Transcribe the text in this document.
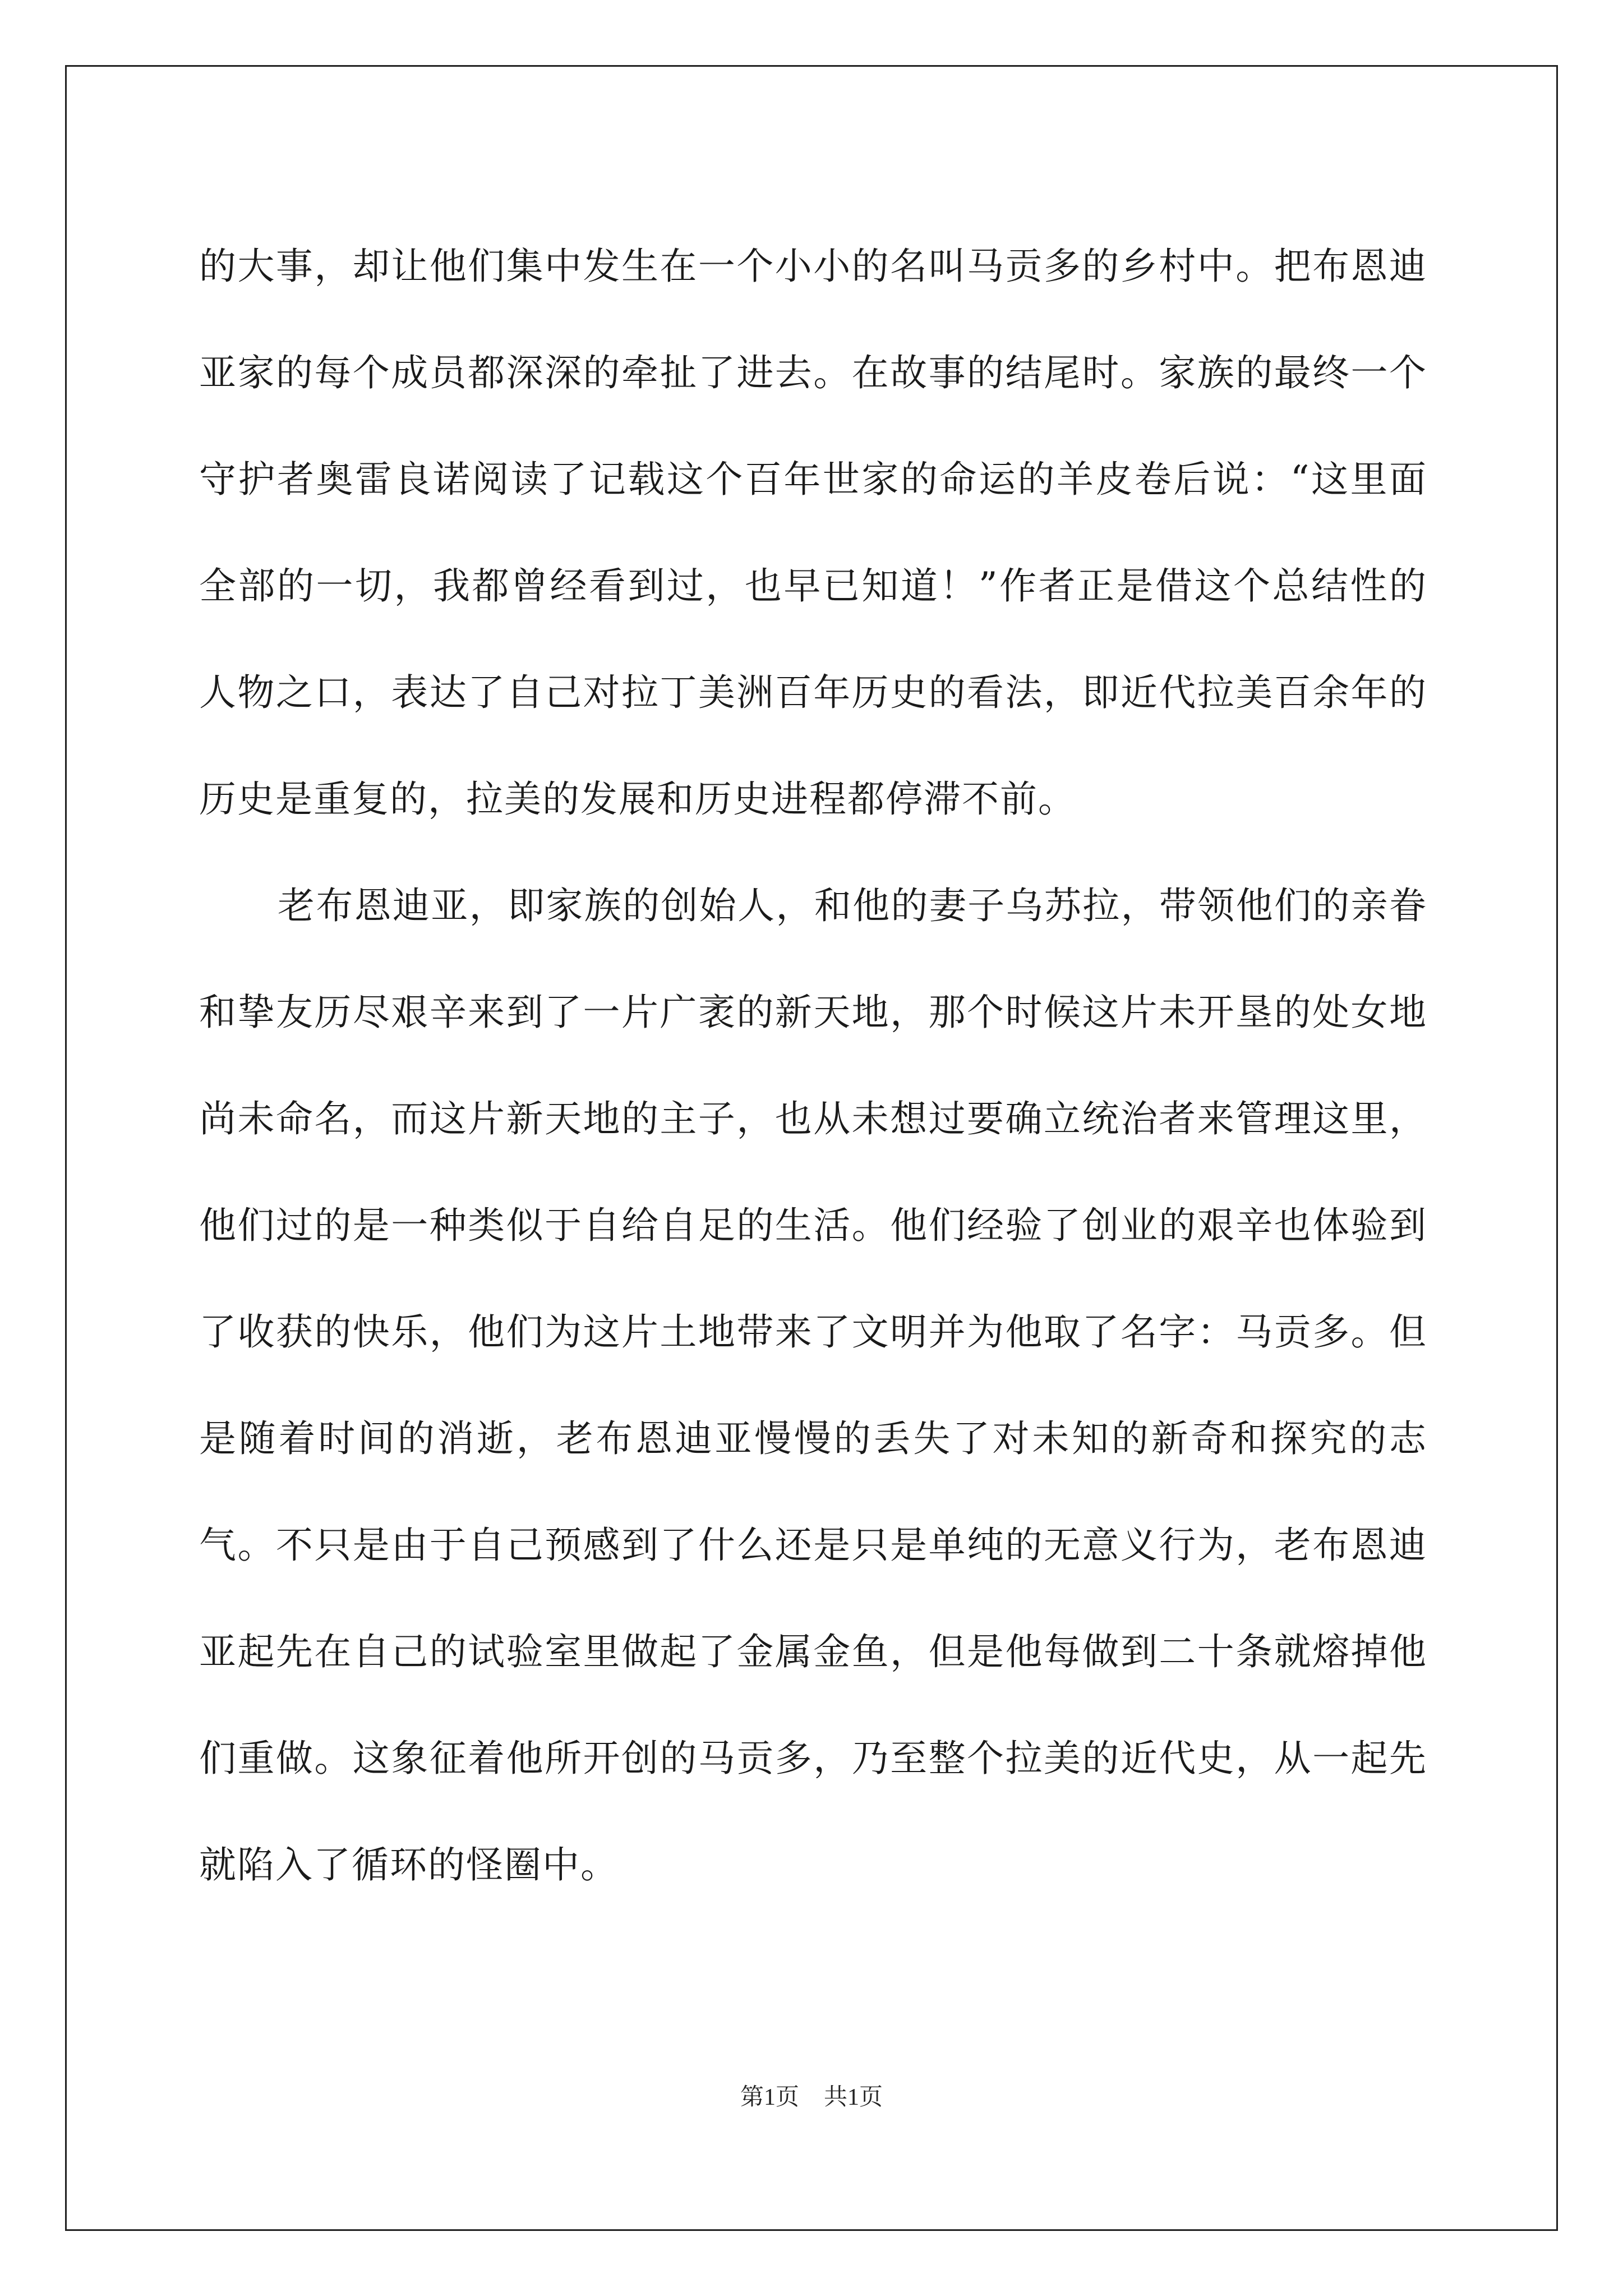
的大事，却让他们集中发生在一个小小的名叫马贡多的乡村中。把布恩迪亚家的每个成员都深深的牵扯了进去。在故事的结尾时。家族的最终一个守护者奥雷良诺阅读了记载这个百年世家的命运的羊皮卷后说：“这里面全部的一切，我都曾经看到过，也早已知道！”作者正是借这个总结性的人物之口，表达了自己对拉丁美洲百年历史的看法，即近代拉美百余年的历史是重复的，拉美的发展和历史进程都停滞不前。

老布恩迪亚，即家族的创始人，和他的妻子乌苏拉，带领他们的亲眷和挚友历尽艰辛来到了一片广袤的新天地，那个时候这片未开垦的处女地尚未命名，而这片新天地的主子，也从未想过要确立统治者来管理这里，他们过的是一种类似于自给自足的生活。他们经验了创业的艰辛也体验到了收获的快乐，他们为这片土地带来了文明并为他取了名字：马贡多。但是随着时间的消逝，老布恩迪亚慢慢的丢失了对未知的新奇和探究的志气。不只是由于自己预感到了什么还是只是单纯的无意义行为，老布恩迪亚起先在自己的试验室里做起了金属金鱼，但是他每做到二十条就熔掉他们重做。这象征着他所开创的马贡多，乃至整个拉美的近代史，从一起先就陷入了循环的怪圈中。

第1页 共1页
